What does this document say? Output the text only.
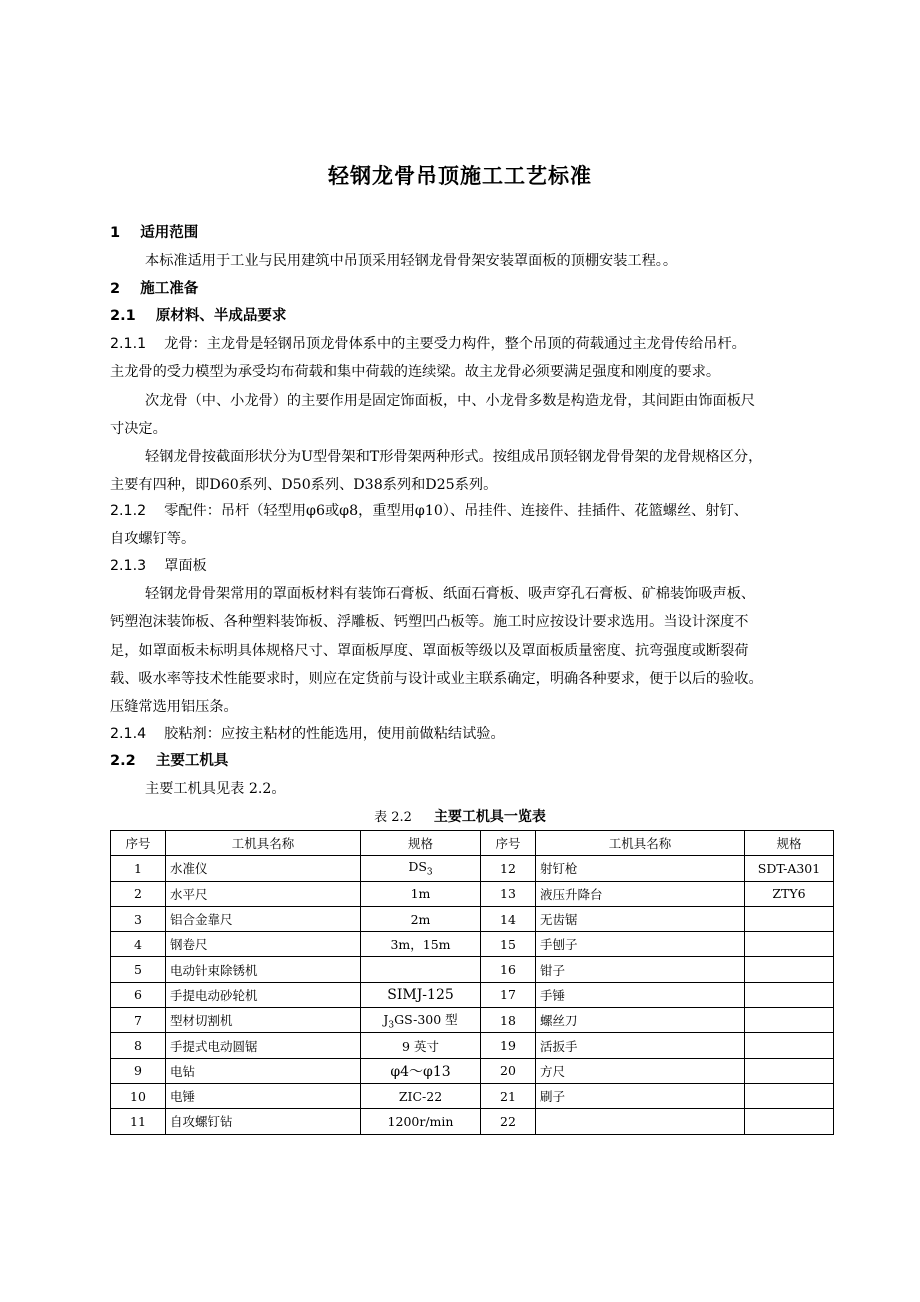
轻钢龙骨吊顶施工工艺标准
1 适用范围
本标准适用于工业与民用建筑中吊顶采用轻钢龙骨骨架安装罩面板的顶棚安装工程。。
2 施工准备
2.1 原材料、半成品要求
2.1.1 龙骨：主龙骨是轻钢吊顶龙骨体系中的主要受力构件，整个吊顶的荷载通过主龙骨传给吊杆。
主龙骨的受力模型为承受均布荷载和集中荷载的连续梁。故主龙骨必须要满足强度和刚度的要求。
次龙骨（中、小龙骨）的主要作用是固定饰面板，中、小龙骨多数是构造龙骨，其间距由饰面板尺
寸决定。
轻钢龙骨按截面形状分为U型骨架和T形骨架两种形式。按组成吊顶轻钢龙骨骨架的龙骨规格区分，
主要有四种，即D60系列、D50系列、D38系列和D25系列。
2.1.2 零配件：吊杆（轻型用φ6或φ8，重型用φ10）、吊挂件、连接件、挂插件、花篮螺丝、射钉、
自攻螺钉等。
2.1.3 罩面板
轻钢龙骨骨架常用的罩面板材料有装饰石膏板、纸面石膏板、吸声穿孔石膏板、矿棉装饰吸声板、
钙塑泡沫装饰板、各种塑料装饰板、浮雕板、钙塑凹凸板等。施工时应按设计要求选用。当设计深度不
足，如罩面板未标明具体规格尺寸、罩面板厚度、罩面板等级以及罩面板质量密度、抗弯强度或断裂荷
载、吸水率等技术性能要求时，则应在定货前与设计或业主联系确定，明确各种要求，便于以后的验收。
压缝常选用铝压条。
2.1.4 胶粘剂：应按主粘材的性能选用，使用前做粘结试验。
2.2 主要工机具
主要工机具见表 2.2。
表 2.2 主要工机具一览表
序号	工机具名称	规格	序号	工机具名称	规格
1	水准仪	$DS_3$	12	射钉枪	SDT-A301
2	水平尺	1m	13	液压升降台	ZTY6
3	铝合金靠尺	2m	14	无齿锯	
4	钢卷尺	3m，15m	15	手刨子	
5	电动针束除锈机		16	钳子	
6	手提电动砂轮机	SIMJ-125	17	手锤	
7	型材切割机	$J_3GS-300$ 型	18	螺丝刀	
8	手提式电动圆锯	9 英寸	19	活扳手	
9	电钻	φ4～φ13	20	方尺	
10	电锤	ZIC-22	21	刷子	
11	自攻螺钉钻	1200r/min	22		
